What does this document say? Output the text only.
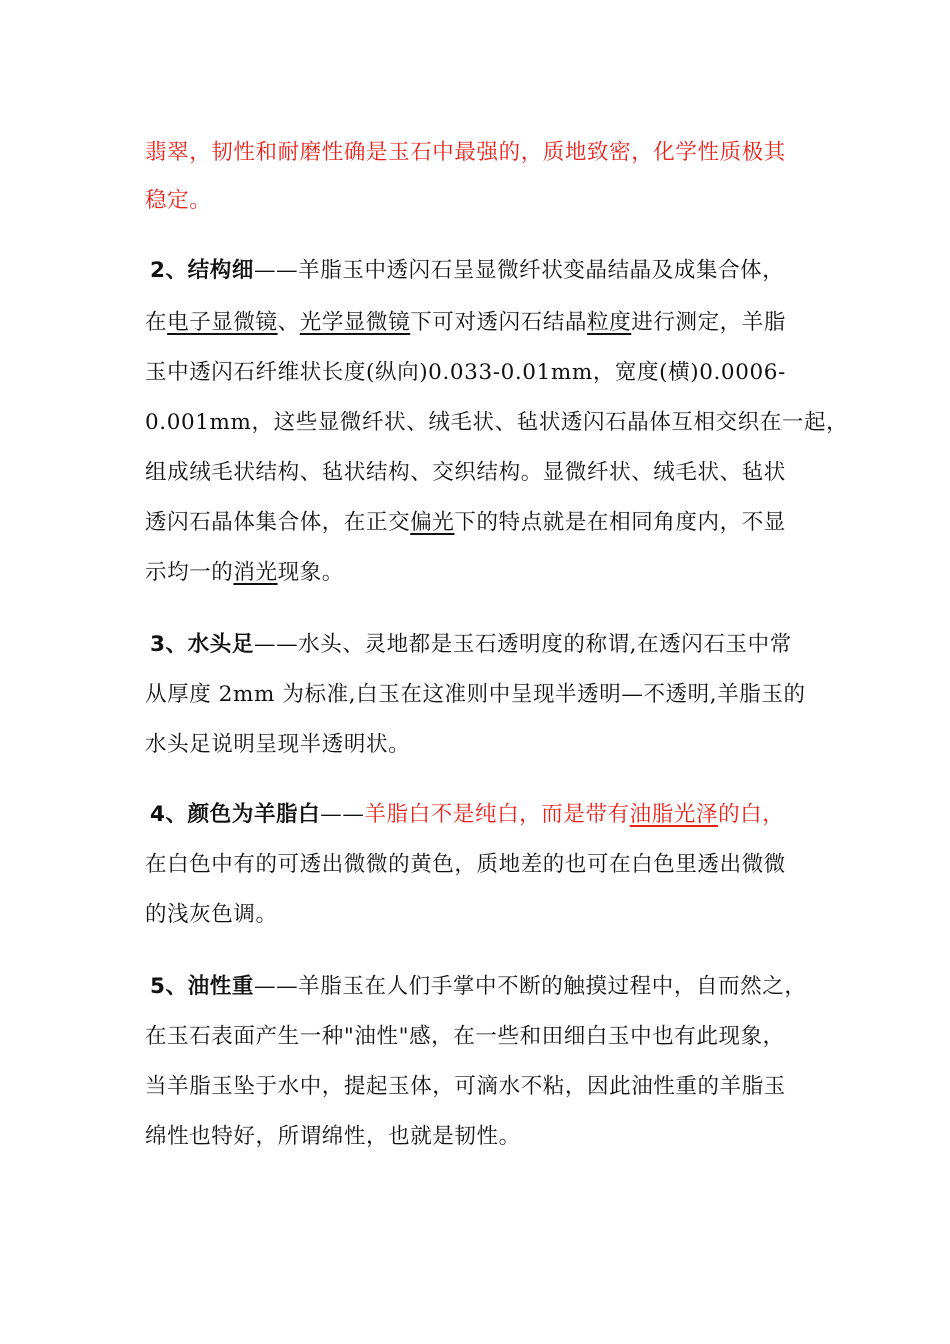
翡翠，韧性和耐磨性确是玉石中最强的，质地致密，化学性质极其
稳定。
2、结构细——羊脂玉中透闪石呈显微纤状变晶结晶及成集合体，
在电子显微镜、光学显微镜下可对透闪石结晶粒度进行测定，羊脂
玉中透闪石纤维状长度(纵向)0.033-0.01mm，宽度(横)0.0006-
0.001mm，这些显微纤状、绒毛状、毡状透闪石晶体互相交织在一起，
组成绒毛状结构、毡状结构、交织结构。显微纤状、绒毛状、毡状
透闪石晶体集合体，在正交偏光下的特点就是在相同角度内，不显
示均一的消光现象。
3、水头足——水头、灵地都是玉石透明度的称谓,在透闪石玉中常
从厚度 2mm 为标准,白玉在这准则中呈现半透明—不透明,羊脂玉的
水头足说明呈现半透明状。
4、颜色为羊脂白——羊脂白不是纯白，而是带有油脂光泽的白，
在白色中有的可透出微微的黄色，质地差的也可在白色里透出微微
的浅灰色调。
5、油性重——羊脂玉在人们手掌中不断的触摸过程中，自而然之，
在玉石表面产生一种"油性"感，在一些和田细白玉中也有此现象，
当羊脂玉坠于水中，提起玉体，可滴水不粘，因此油性重的羊脂玉
绵性也特好，所谓绵性，也就是韧性。
